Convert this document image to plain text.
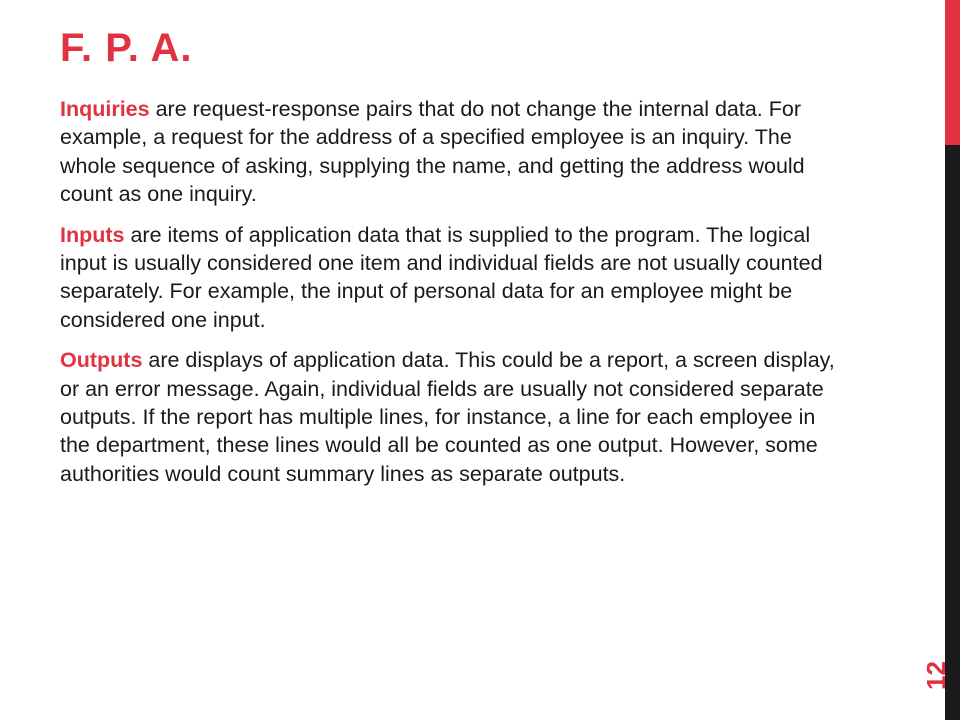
F. P. A.

Inquiries are request-response pairs that do not change the internal data. For example, a request for the address of a specified employee is an inquiry. The whole sequence of asking, supplying the name, and getting the address would count as one inquiry.

Inputs are items of application data that is supplied to the program. The logical input is usually considered one item and individual fields are not usually counted separately. For example, the input of personal data for an employee might be considered one input.

Outputs are displays of application data. This could be a report, a screen display, or an error message. Again, individual fields are usually not considered separate outputs. If the report has multiple lines, for instance, a line for each employee in the department, these lines would all be counted as one output. However, some authorities would count summary lines as separate outputs.

12
